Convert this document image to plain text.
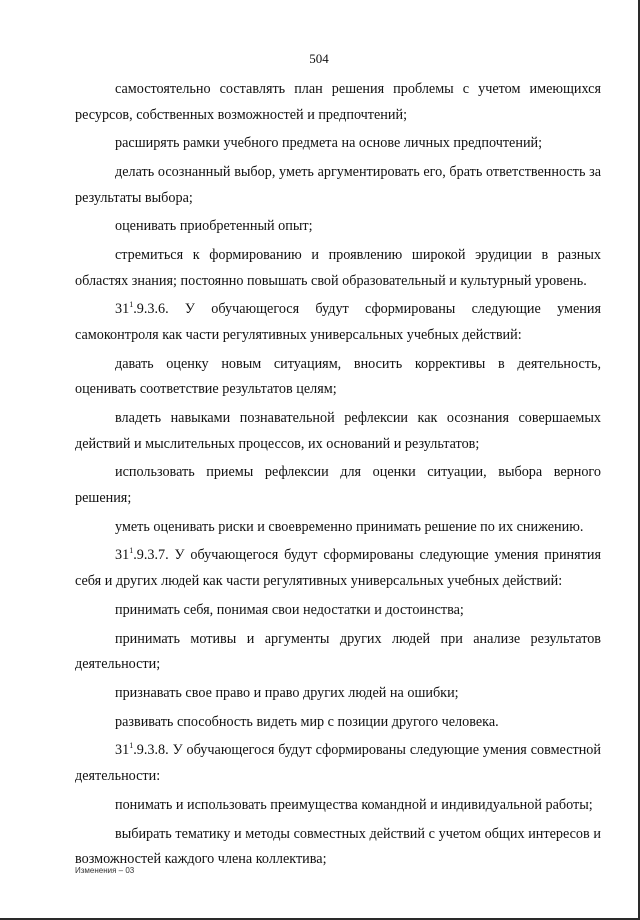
504

самостоятельно составлять план решения проблемы с учетом имеющихся ресурсов, собственных возможностей и предпочтений;

расширять рамки учебного предмета на основе личных предпочтений;

делать осознанный выбор, уметь аргументировать его, брать ответственность за результаты выбора;

оценивать приобретенный опыт;

стремиться к формированию и проявлению широкой эрудиции в разных областях знания; постоянно повышать свой образовательный и культурный уровень.

$31^1.9.3.6$. У обучающегося будут сформированы следующие умения самоконтроля как части регулятивных универсальных учебных действий:

давать оценку новым ситуациям, вносить коррективы в деятельность, оценивать соответствие результатов целям;

владеть навыками познавательной рефлексии как осознания совершаемых действий и мыслительных процессов, их оснований и результатов;

использовать приемы рефлексии для оценки ситуации, выбора верного решения;

уметь оценивать риски и своевременно принимать решение по их снижению.

$31^1.9.3.7$. У обучающегося будут сформированы следующие умения принятия себя и других людей как части регулятивных универсальных учебных действий:

принимать себя, понимая свои недостатки и достоинства;

принимать мотивы и аргументы других людей при анализе результатов деятельности;

признавать свое право и право других людей на ошибки;

развивать способность видеть мир с позиции другого человека.

$31^1.9.3.8$. У обучающегося будут сформированы следующие умения совместной деятельности:

понимать и использовать преимущества командной и индивидуальной работы;

выбирать тематику и методы совместных действий с учетом общих интересов и возможностей каждого члена коллектива;

Изменения – 03
